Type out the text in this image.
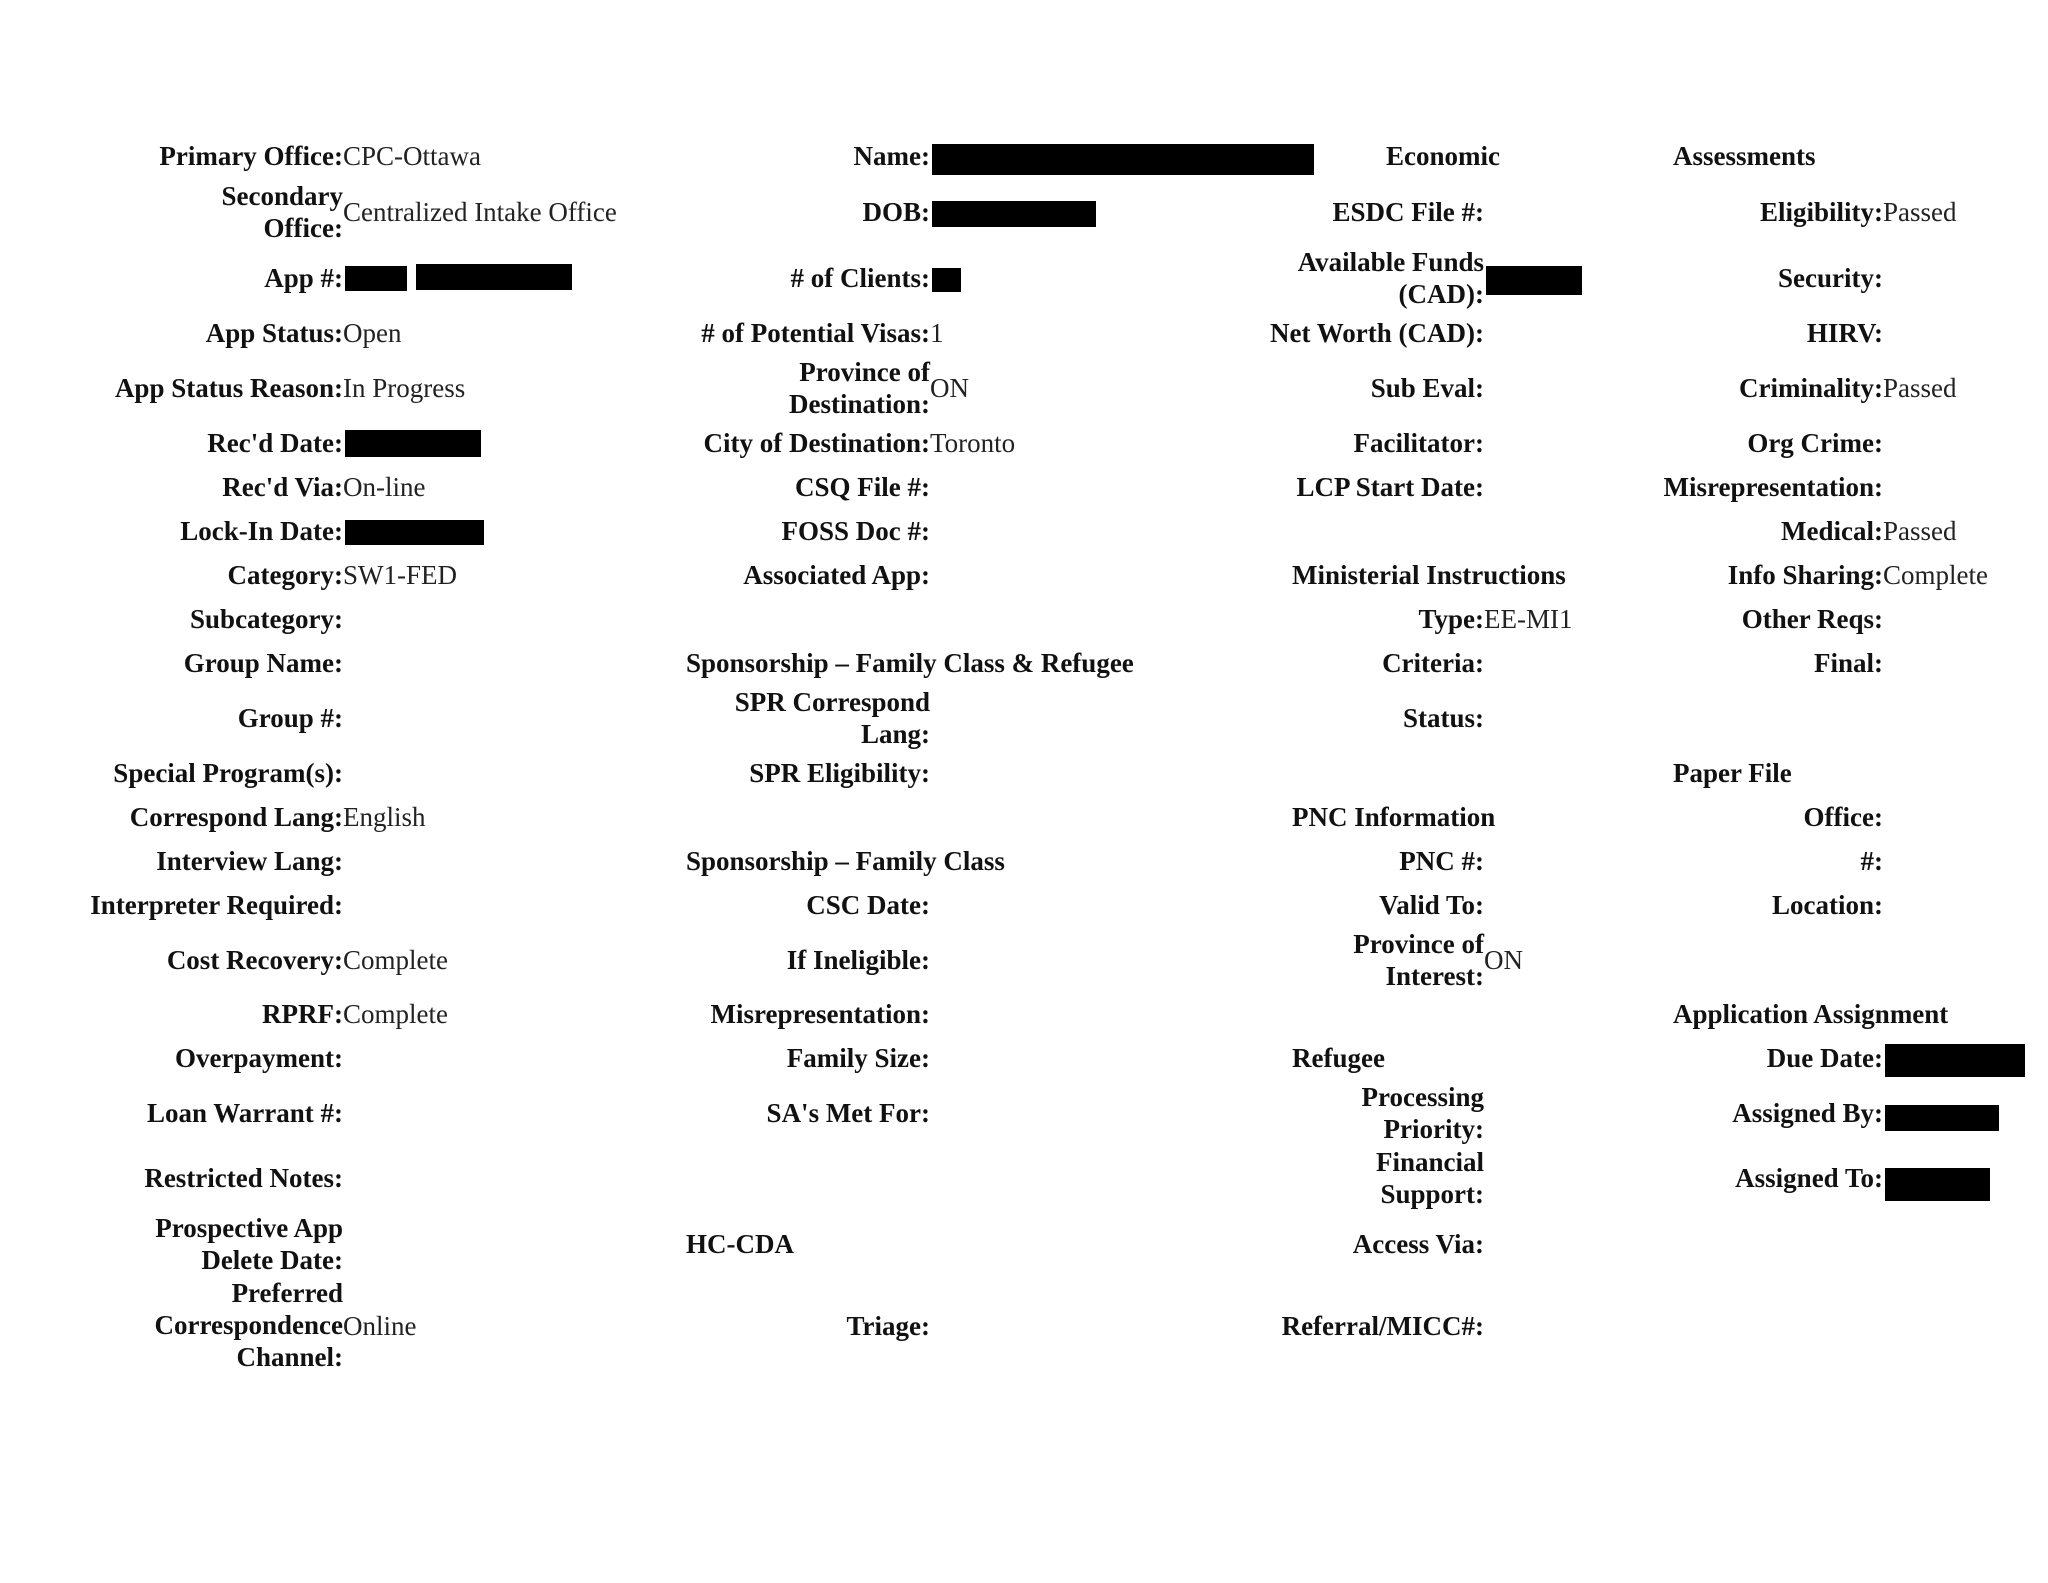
Primary Office: CPC-Ottawa
Secondary Office:
Centralized Intake Office
App #:
App Status: Open
App Status Reason: In Progress
Rec'd Date:
Rec'd Via: On-line
Lock-In Date:
Category: SW1-FED
Subcategory:
Group Name:
Group #:
Special Program(s):
Correspond Lang: English
Interview Lang:
Interpreter Required:
Cost Recovery: Complete
RPRF: Complete
Overpayment:
Loan Warrant #:
Restricted Notes:
Prospective App Delete Date:
Preferred Correspondence Channel:
Online
Name:
DOB:
# of Clients:
# of Potential Visas: 1
Province of Destination:
ON
City of Destination: Toronto
CSQ File #:
FOSS Doc #:
Associated App:
Sponsorship – Family Class & Refugee
SPR Correspond Lang:
SPR Eligibility:
Sponsorship – Family Class
CSC Date:
If Ineligible:
Misrepresentation:
Family Size:
SA's Met For:
HC-CDA
Triage:
Economic
ESDC File #:
Available Funds (CAD):
Net Worth (CAD):
Sub Eval:
Facilitator:
LCP Start Date:
Ministerial Instructions
Type: EE-MI1
Criteria:
Status:
PNC Information
PNC #:
Valid To:
Province of Interest:
ON
Refugee
Processing Priority:
Financial Support:
Access Via:
Referral/MICC#:
Assessments
Eligibility: Passed
Security:
HIRV:
Criminality: Passed
Org Crime:
Misrepresentation:
Medical: Passed
Info Sharing: Complete
Other Reqs:
Final:
Paper File
Office:
#:
Location:
Application Assignment
Due Date:
Assigned By:
Assigned To:
